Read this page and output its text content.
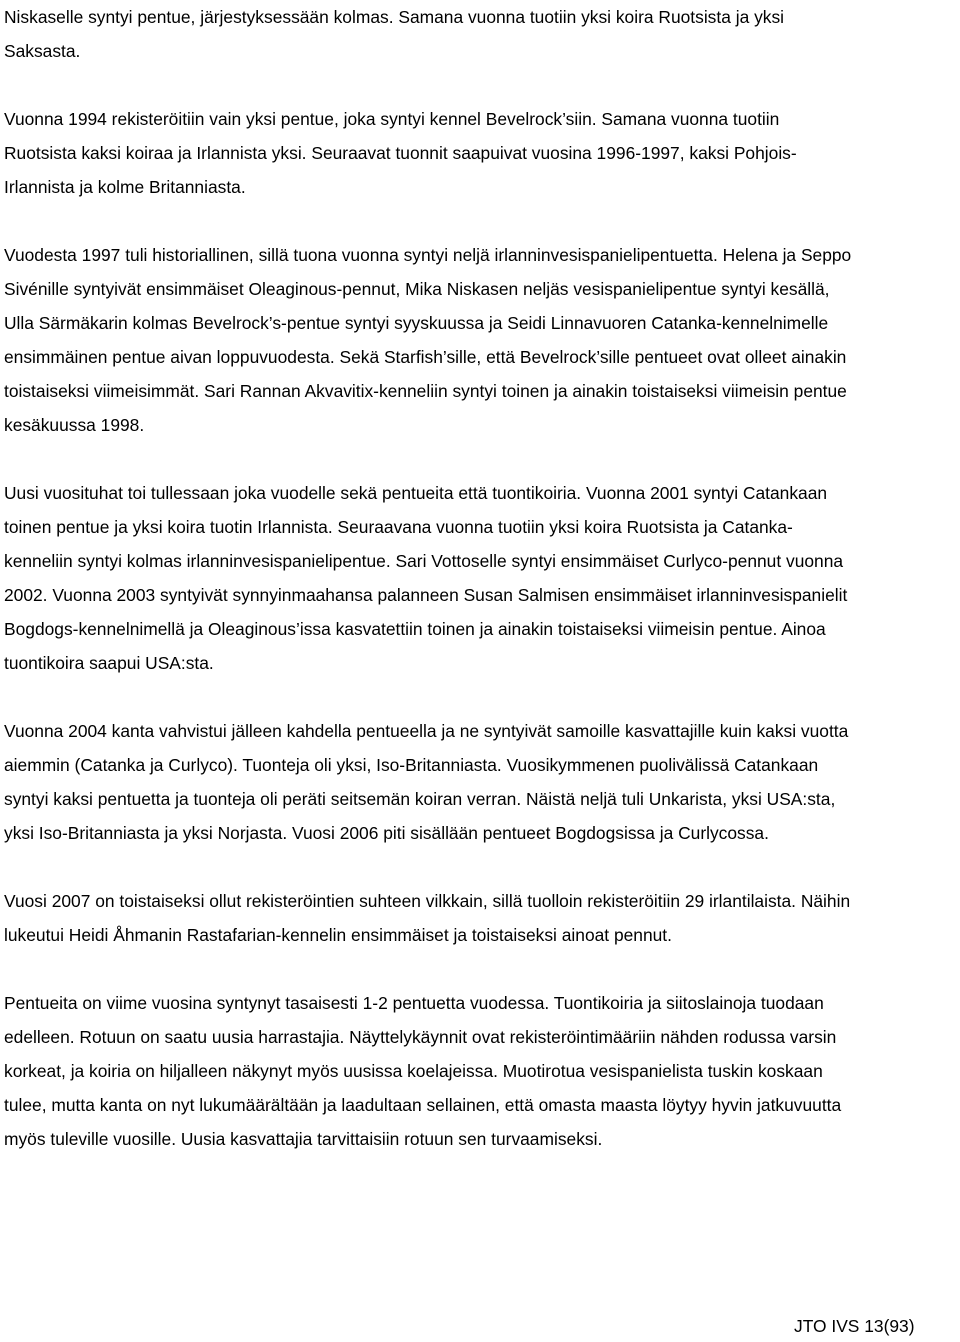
Niskaselle syntyi pentue, järjestyksessään kolmas. Samana vuonna tuotiin yksi koira Ruotsista ja yksi
Saksasta.
Vuonna 1994 rekisteröitiin vain yksi pentue, joka syntyi kennel Bevelrock’siin. Samana vuonna tuotiin
Ruotsista kaksi koiraa ja Irlannista yksi. Seuraavat tuonnit saapuivat vuosina 1996-1997, kaksi Pohjois-
Irlannista ja kolme Britanniasta.
Vuodesta 1997 tuli historiallinen, sillä tuona vuonna syntyi neljä irlanninvesispanielipentuetta. Helena ja Seppo
Sivénille syntyivät ensimmäiset Oleaginous-pennut, Mika Niskasen neljäs vesispanielipentue syntyi kesällä,
Ulla Särmäkarin kolmas Bevelrock’s-pentue syntyi syyskuussa ja Seidi Linnavuoren Catanka-kennelnimelle
ensimmäinen pentue aivan loppuvuodesta. Sekä Starfish’sille, että Bevelrock’sille pentueet ovat olleet ainakin
toistaiseksi viimeisimmät. Sari Rannan Akvavitix-kenneliin syntyi toinen ja ainakin toistaiseksi viimeisin pentue
kesäkuussa 1998.
Uusi vuosituhat toi tullessaan joka vuodelle sekä pentueita että tuontikoiria. Vuonna 2001 syntyi Catankaan
toinen pentue ja yksi koira tuotin Irlannista. Seuraavana vuonna tuotiin yksi koira Ruotsista ja Catanka-
kenneliin syntyi kolmas irlanninvesispanielipentue. Sari Vottoselle syntyi ensimmäiset Curlyco-pennut vuonna
2002. Vuonna 2003 syntyivät synnyinmaahansa palanneen Susan Salmisen ensimmäiset irlanninvesispanielit
Bogdogs-kennelnimellä ja Oleaginous’issa kasvatettiin toinen ja ainakin toistaiseksi viimeisin pentue. Ainoa
tuontikoira saapui USA:sta.
Vuonna 2004 kanta vahvistui jälleen kahdella pentueella ja ne syntyivät samoille kasvattajille kuin kaksi vuotta
aiemmin (Catanka ja Curlyco). Tuonteja oli yksi, Iso-Britanniasta. Vuosikymmenen puolivälissä Catankaan
syntyi kaksi pentuetta ja tuonteja oli peräti seitsemän koiran verran. Näistä neljä tuli Unkarista, yksi USA:sta,
yksi Iso-Britanniasta ja yksi Norjasta. Vuosi 2006 piti sisällään pentueet Bogdogsissa ja Curlycossa.
Vuosi 2007 on toistaiseksi ollut rekisteröintien suhteen vilkkain, sillä tuolloin rekisteröitiin 29 irlantilaista. Näihin
lukeutui Heidi Åhmanin Rastafarian-kennelin ensimmäiset ja toistaiseksi ainoat pennut.
Pentueita on viime vuosina syntynyt tasaisesti 1-2 pentuetta vuodessa. Tuontikoiria ja siitoslainoja tuodaan
edelleen. Rotuun on saatu uusia harrastajia. Näyttelykäynnit ovat rekisteröintimääriin nähden rodussa varsin
korkeat, ja koiria on hiljalleen näkynyt myös uusissa koelajeissa. Muotirotua vesispanielista tuskin koskaan
tulee, mutta kanta on nyt lukumäärältään ja laadultaan sellainen, että omasta maasta löytyy hyvin jatkuvuutta
myös tuleville vuosille. Uusia kasvattajia tarvittaisiin rotuun sen turvaamiseksi.
JTO IVS 13(93)
